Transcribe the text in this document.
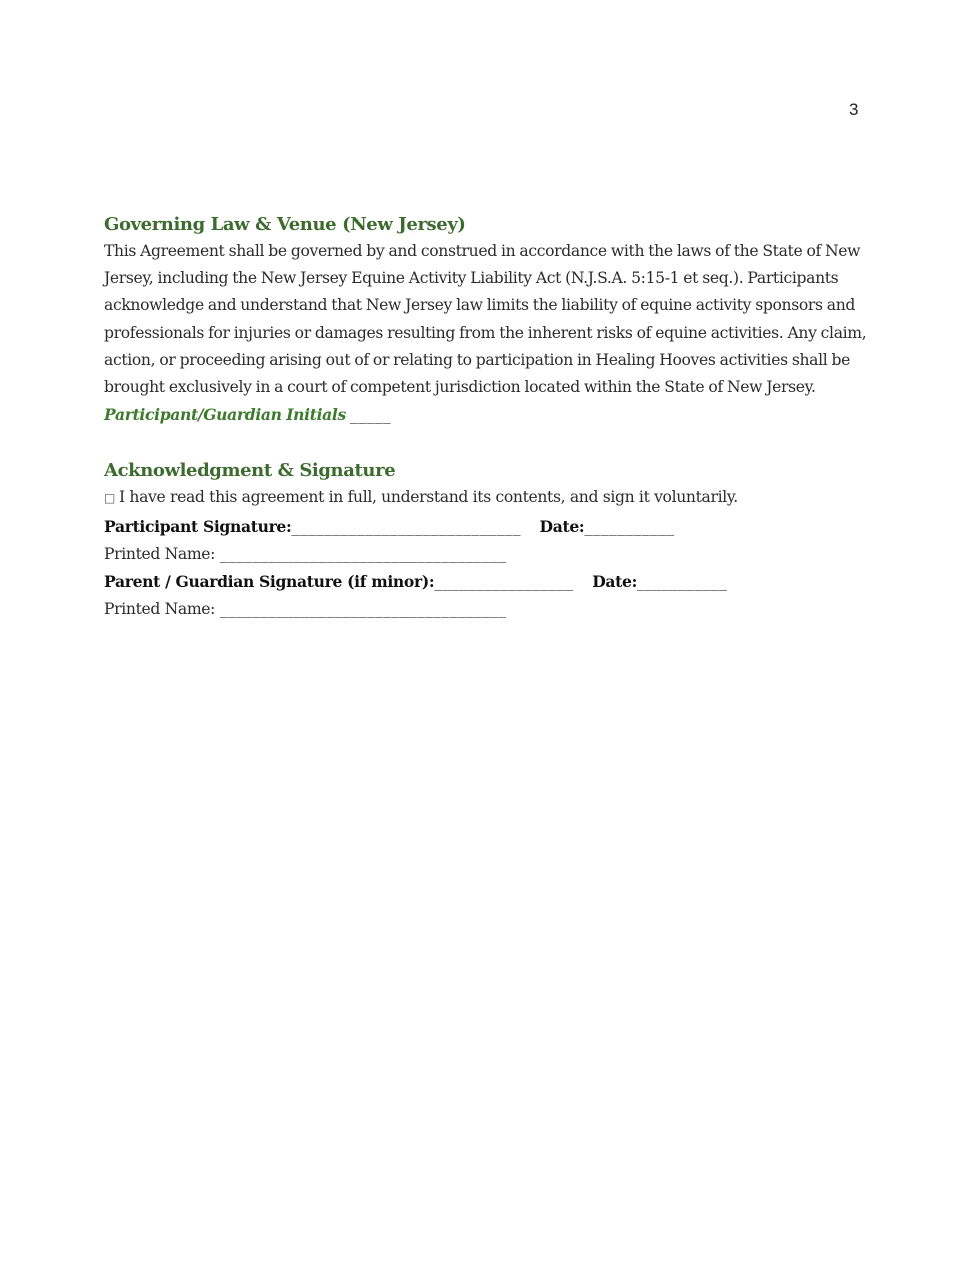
3
Governing Law & Venue (New Jersey)

This Agreement shall be governed by and construed in accordance with the laws of the State of New Jersey, including the New Jersey Equine Activity Liability Act (N.J.S.A. 5:15-1 et seq.). Participants acknowledge and understand that New Jersey law limits the liability of equine activity sponsors and professionals for injuries or damages resulting from the inherent risks of equine activities. Any claim, action, or proceeding arising out of or relating to participation in Healing Hooves activities shall be brought exclusively in a court of competent jurisdiction located within the State of New Jersey.  Participant/Guardian Initials _____

Acknowledgment & Signature

□ I have read this agreement in full, understand its contents, and sign it voluntarily.

Participant Signature:____________________________ Date:___________

Printed Name: ___________________________________

Parent / Guardian Signature (if minor):_________________ Date:___________

Printed Name: ___________________________________
